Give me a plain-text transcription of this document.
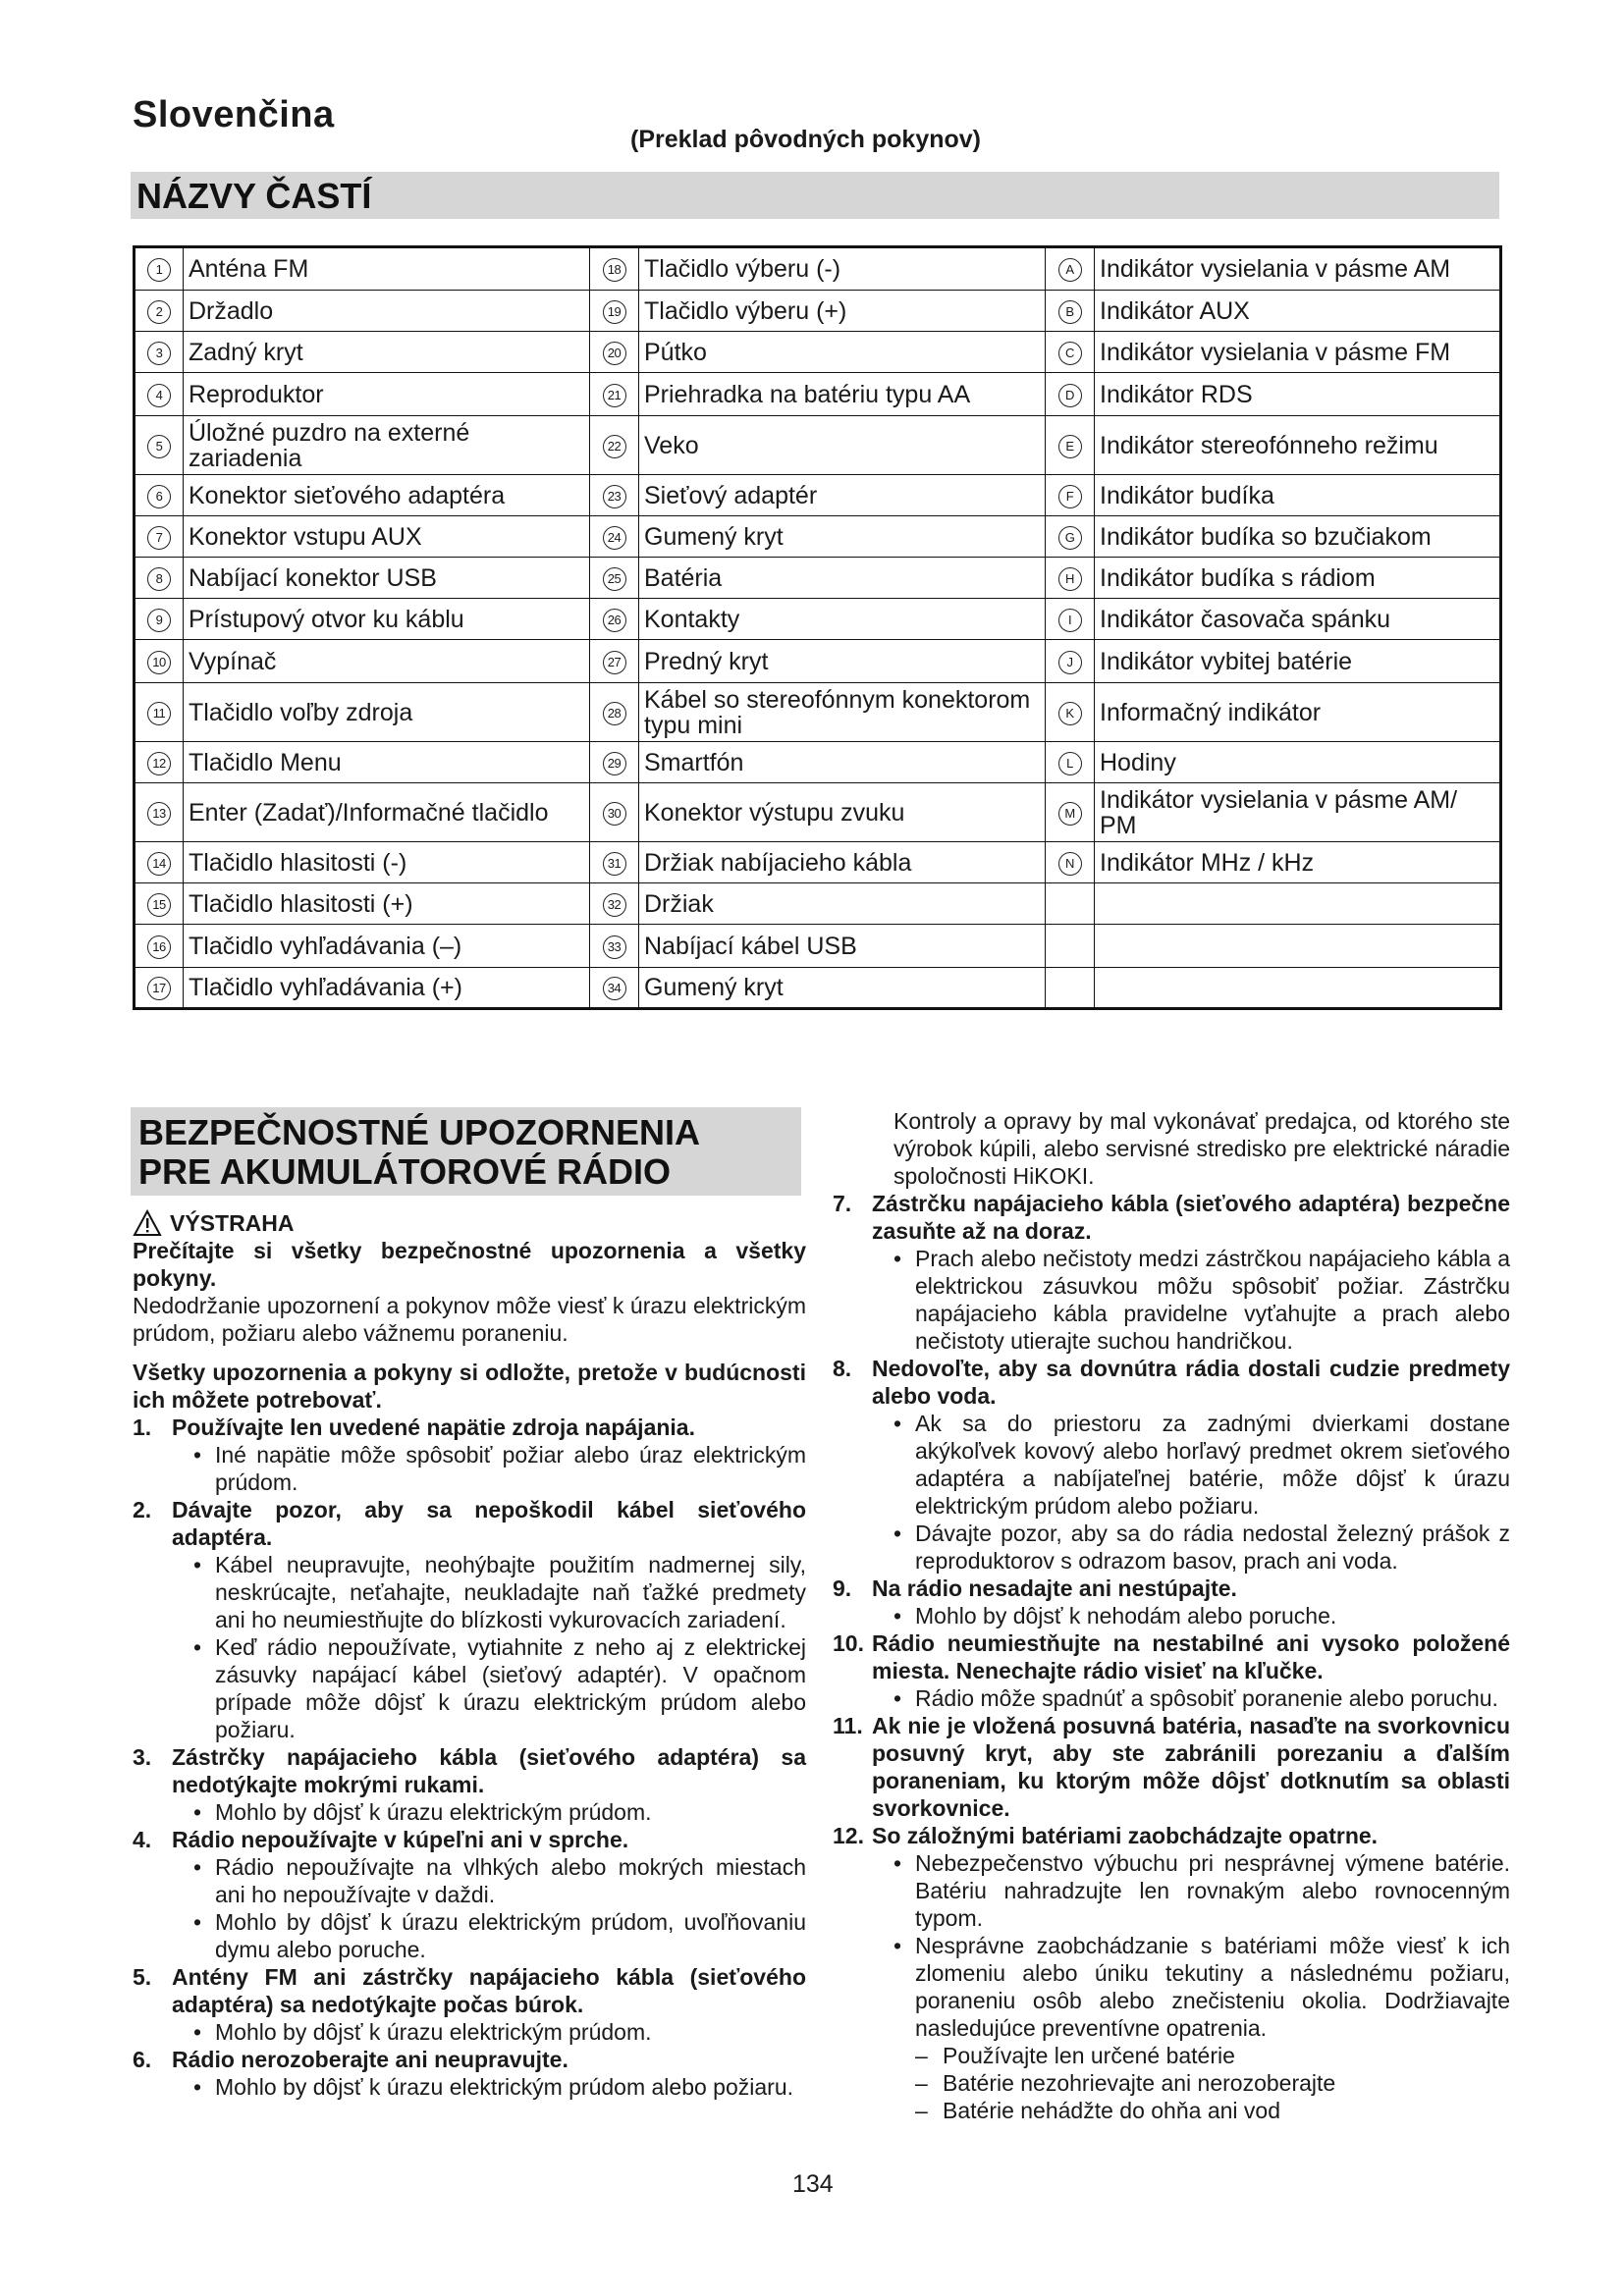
Slovenčina
(Preklad pôvodných pokynov)
NÁZVY ČASTÍ
1	Anténa FM	18	Tlačidlo výberu (-)	A	Indikátor vysielania v pásme AM
2	Držadlo	19	Tlačidlo výberu (+)	B	Indikátor AUX
3	Zadný kryt	20	Pútko	C	Indikátor vysielania v pásme FM
4	Reproduktor	21	Priehradka na batériu typu AA	D	Indikátor RDS
5	Úložné puzdro na externé zariadenia	22	Veko	E	Indikátor stereofónneho režimu
6	Konektor sieťového adaptéra	23	Sieťový adaptér	F	Indikátor budíka
7	Konektor vstupu AUX	24	Gumený kryt	G	Indikátor budíka so bzučiakom
8	Nabíjací konektor USB	25	Batéria	H	Indikátor budíka s rádiom
9	Prístupový otvor ku káblu	26	Kontakty	I	Indikátor časovača spánku
10	Vypínač	27	Predný kryt	J	Indikátor vybitej batérie
11	Tlačidlo voľby zdroja	28	Kábel so stereofónnym konektorom typu mini	K	Informačný indikátor
12	Tlačidlo Menu	29	Smartfón	L	Hodiny
13	Enter (Zadať)/Informačné tlačidlo	30	Konektor výstupu zvuku	M	Indikátor vysielania v pásme AM/ PM
14	Tlačidlo hlasitosti (-)	31	Držiak nabíjacieho kábla	N	Indikátor MHz / kHz
15	Tlačidlo hlasitosti (+)	32	Držiak		
16	Tlačidlo vyhľadávania (–)	33	Nabíjací kábel USB		
17	Tlačidlo vyhľadávania (+)	34	Gumený kryt		
BEZPEČNOSTNÉ UPOZORNENIA
PRE AKUMULÁTOROVÉ RÁDIO
VÝSTRAHA

Prečítajte si všetky bezpečnostné upozornenia a všetky pokyny.

Nedodržanie upozornení a pokynov môže viesť k úrazu elektrickým prúdom, požiaru alebo vážnemu poraneniu.

Všetky upozornenia a pokyny si odložte, pretože v budúcnosti ich môžete potrebovať.

1. Používajte len uvedené napätie zdroja napájania.
• Iné napätie môže spôsobiť požiar alebo úraz elektrickým prúdom.
2. Dávajte pozor, aby sa nepoškodil kábel sieťového adaptéra.
• Kábel neupravujte, neohýbajte použitím nadmernej sily, neskrúcajte, neťahajte, neukladajte naň ťažké predmety ani ho neumiestňujte do blízkosti vykurovacích zariadení.
• Keď rádio nepoužívate, vytiahnite z neho aj z elektrickej zásuvky napájací kábel (sieťový adaptér). V opačnom prípade môže dôjsť k úrazu elektrickým prúdom alebo požiaru.
3. Zástrčky napájacieho kábla (sieťového adaptéra) sa nedotýkajte mokrými rukami.
• Mohlo by dôjsť k úrazu elektrickým prúdom.
4. Rádio nepoužívajte v kúpeľni ani v sprche.
• Rádio nepoužívajte na vlhkých alebo mokrých miestach ani ho nepoužívajte v daždi.
• Mohlo by dôjsť k úrazu elektrickým prúdom, uvoľňovaniu dymu alebo poruche.
5. Antény FM ani zástrčky napájacieho kábla (sieťového adaptéra) sa nedotýkajte počas búrok.
• Mohlo by dôjsť k úrazu elektrickým prúdom.
6. Rádio nerozoberajte ani neupravujte.
• Mohlo by dôjsť k úrazu elektrickým prúdom alebo požiaru.

Kontroly a opravy by mal vykonávať predajca, od ktorého ste výrobok kúpili, alebo servisné stredisko pre elektrické náradie spoločnosti HiKOKI.

7. Zástrčku napájacieho kábla (sieťového adaptéra) bezpečne zasuňte až na doraz.
• Prach alebo nečistoty medzi zástrčkou napájacieho kábla a elektrickou zásuvkou môžu spôsobiť požiar. Zástrčku napájacieho kábla pravidelne vyťahujte a prach alebo nečistoty utierajte suchou handričkou.
8. Nedovoľte, aby sa dovnútra rádia dostali cudzie predmety alebo voda.
• Ak sa do priestoru za zadnými dvierkami dostane akýkoľvek kovový alebo horľavý predmet okrem sieťového adaptéra a nabíjateľnej batérie, môže dôjsť k úrazu elektrickým prúdom alebo požiaru.
• Dávajte pozor, aby sa do rádia nedostal železný prášok z reproduktorov s odrazom basov, prach ani voda.
9. Na rádio nesadajte ani nestúpajte.
• Mohlo by dôjsť k nehodám alebo poruche.
10. Rádio neumiestňujte na nestabilné ani vysoko položené miesta. Nenechajte rádio visieť na kľučke.
• Rádio môže spadnúť a spôsobiť poranenie alebo poruchu.
11. Ak nie je vložená posuvná batéria, nasaďte na svorkovnicu posuvný kryt, aby ste zabránili porezaniu a ďalším poraneniam, ku ktorým môže dôjsť dotknutím sa oblasti svorkovnice.
12. So záložnými batériami zaobchádzajte opatrne.
• Nebezpečenstvo výbuchu pri nesprávnej výmene batérie. Batériu nahradzujte len rovnakým alebo rovnocenným typom.
• Nesprávne zaobchádzanie s batériami môže viesť k ich zlomeniu alebo úniku tekutiny a následnému požiaru, poraneniu osôb alebo znečisteniu okolia. Dodržiavajte nasledujúce preventívne opatrenia.
– Používajte len určené batérie
– Batérie nezohrievajte ani nerozoberajte
– Batérie nehádžte do ohňa ani vod
134
